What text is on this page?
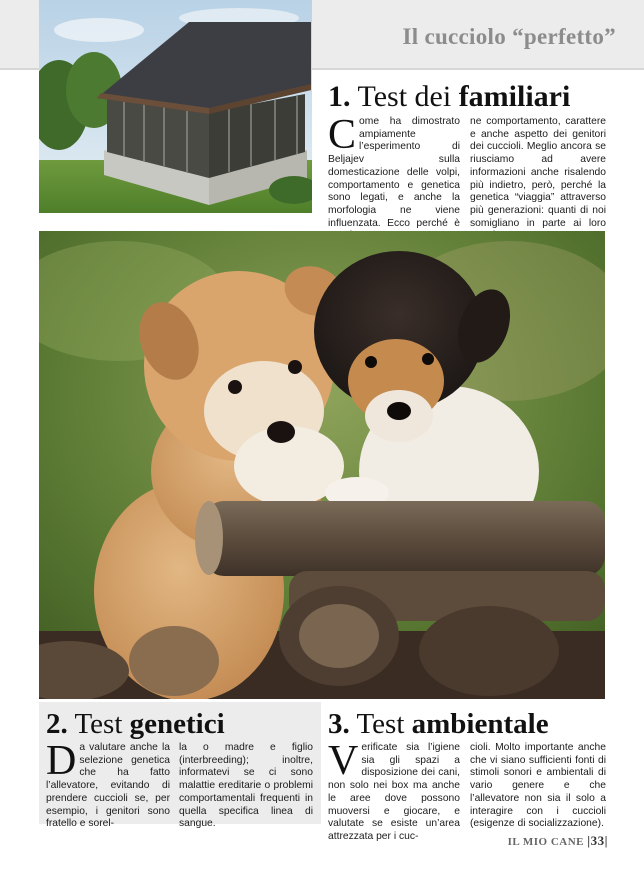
Il cucciolo “perfetto”
1. Test dei familiari
Come ha dimostrato ampiamente l’esperimento di Beljajev sulla domesticazione delle volpi, comportamento e genetica sono legati, e anche la morfologia ne viene influenzata. Ecco perché è
ne comportamento, carattere e anche aspetto dei genitori dei cuccioli. Meglio ancora se riusciamo ad avere informazioni anche risalendo più indietro, però, perché la genetica “viaggia” attraverso più generazioni: quanti di noi somigliano in parte ai loro
2. Test genetici
Da valutare anche la selezione genetica che ha fatto l’allevatore, evitando di prendere cuccioli se, per esempio, i genitori sono fratello e sorel-
la o madre e figlio (interbreeding); inoltre, informatevi se ci sono malattie ereditarie o problemi comportamentali frequenti in quella specifica linea di sangue.
3. Test ambientale
Verificate sia l’igiene sia gli spazi a disposizione dei cani, non solo nei box ma anche le aree dove possono muoversi e giocare, e valutate se esiste un’area attrezzata per i cuc-
cioli. Molto importante anche che vi siano sufficienti fonti di stimoli sonori e ambientali di vario genere e che l’allevatore non sia il solo a interagire con i cuccioli (esigenze di socializzazione).
IL MIO CANE |33|
